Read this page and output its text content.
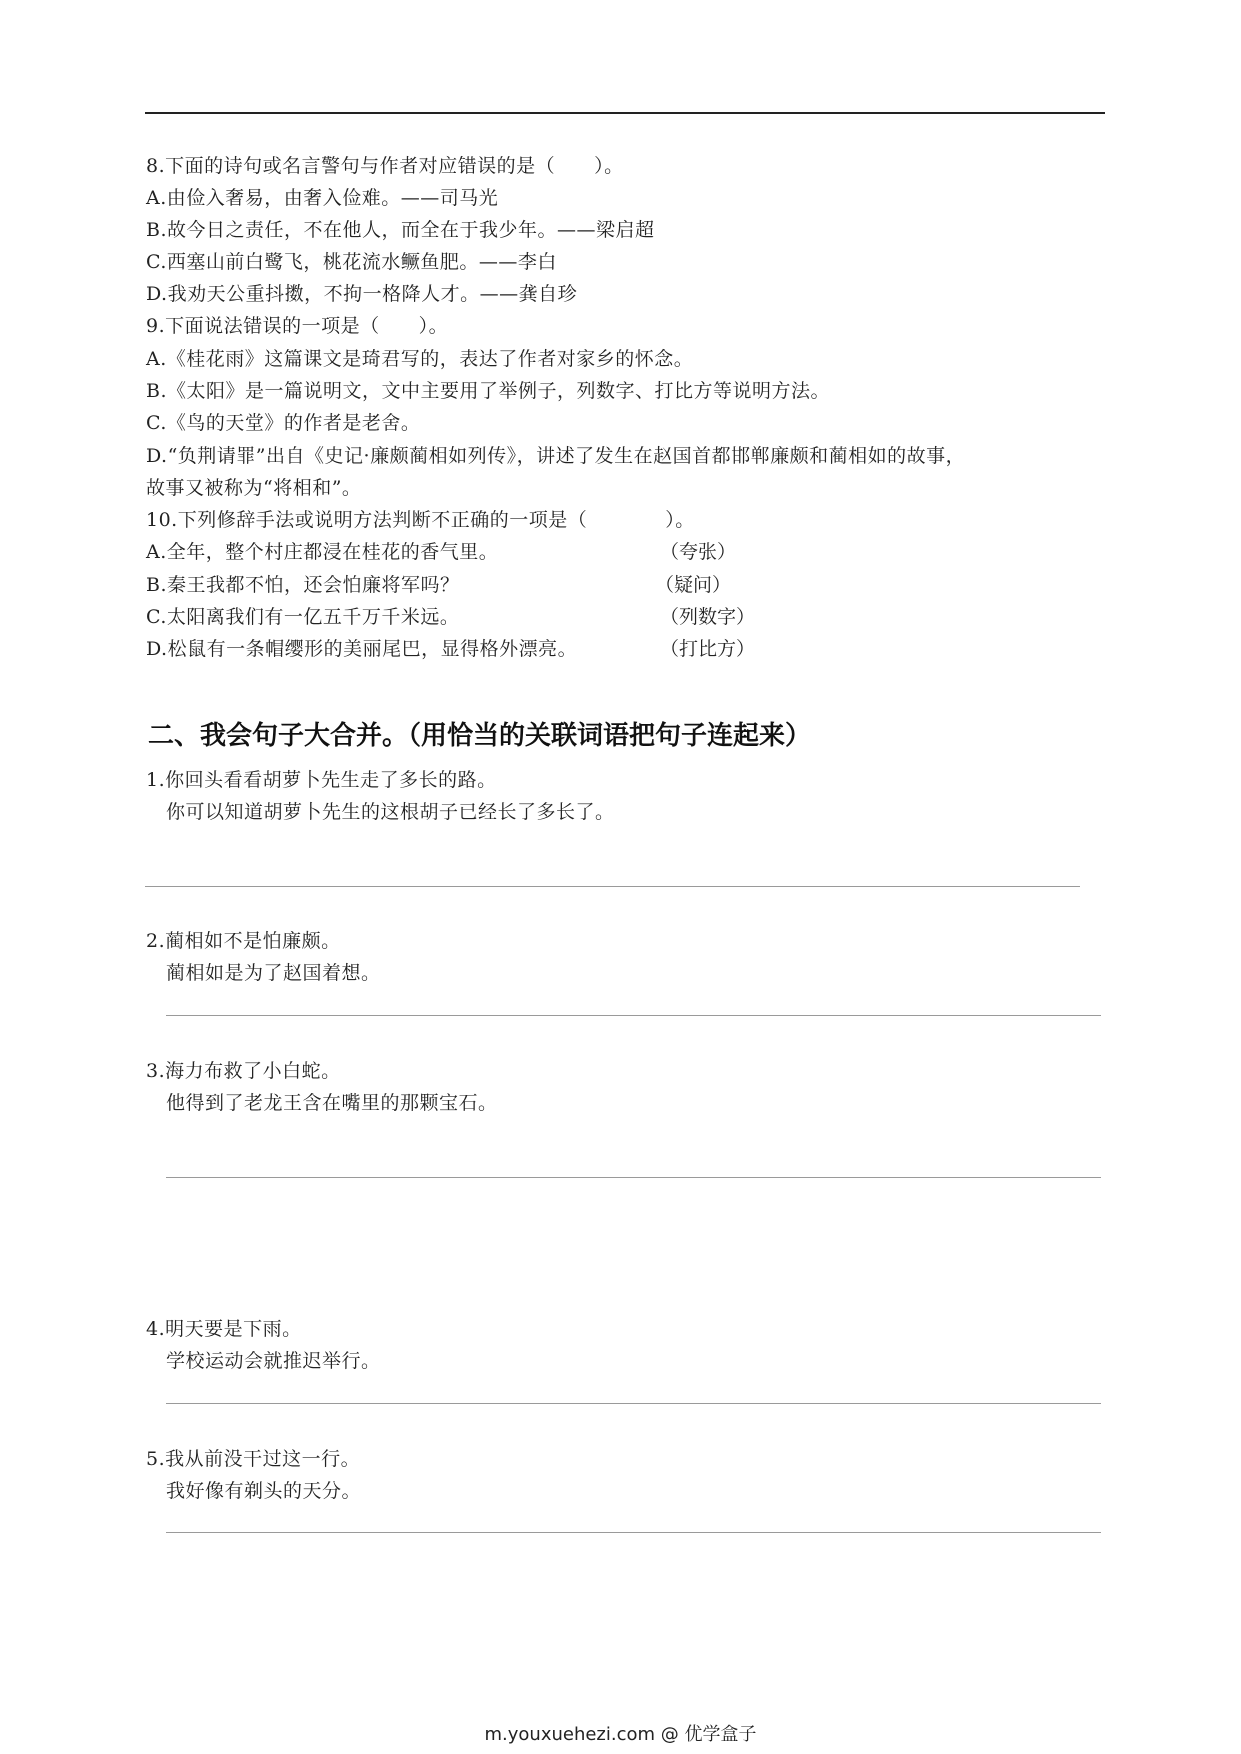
8.下面的诗句或名言警句与作者对应错误的是（　　）。
A.由俭入奢易，由奢入俭难。——司马光
B.故今日之责任，不在他人，而全在于我少年。——梁启超
C.西塞山前白鹭飞，桃花流水鳜鱼肥。——李白
D.我劝天公重抖擞，不拘一格降人才。——龚自珍
9.下面说法错误的一项是（　　）。
A.《桂花雨》这篇课文是琦君写的，表达了作者对家乡的怀念。
B.《太阳》是一篇说明文，文中主要用了举例子，列数字、打比方等说明方法。
C.《鸟的天堂》的作者是老舍。
D.“负荆请罪”出自《史记·廉颇蔺相如列传》，讲述了发生在赵国首都邯郸廉颇和蔺相如的故事，
故事又被称为“将相和”。
10.下列修辞手法或说明方法判断不正确的一项是（　　　　）。
A.全年，整个村庄都浸在桂花的香气里。	（夸张）
B.秦王我都不怕，还会怕廉将军吗？	（疑问）
C.太阳离我们有一亿五千万千米远。	（列数字）
D.松鼠有一条帽缨形的美丽尾巴，显得格外漂亮。	（打比方）
二、我会句子大合并。（用恰当的关联词语把句子连起来）
1.你回头看看胡萝卜先生走了多长的路。
你可以知道胡萝卜先生的这根胡子已经长了多长了。
2.蔺相如不是怕廉颇。
蔺相如是为了赵国着想。
3.海力布救了小白蛇。
他得到了老龙王含在嘴里的那颗宝石。
4.明天要是下雨。
学校运动会就推迟举行。
5.我从前没干过这一行。
我好像有剃头的天分。
m.youxuehezi.com @ 优学盒子
